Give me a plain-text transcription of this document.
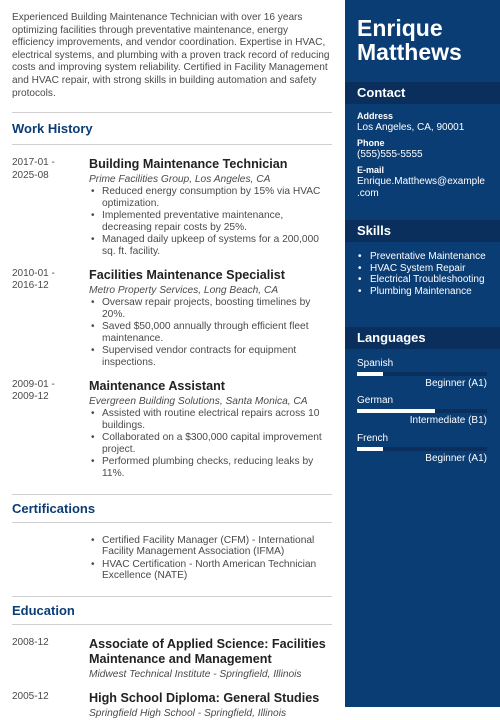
Experienced Building Maintenance Technician with over 16 years optimizing facilities through preventative maintenance, energy efficiency improvements, and vendor coordination. Expertise in HVAC, electrical systems, and plumbing with a proven track record of reducing costs and improving system reliability. Certified in Facility Management and HVAC repair, with strong skills in building automation and safety protocols.

Work History
2017-01 -
2025-08
Building Maintenance Technician
Prime Facilities Group, Los Angeles, CA
• Reduced energy consumption by 15% via HVAC optimization.
• Implemented preventative maintenance, decreasing repair costs by 25%.
• Managed daily upkeep of systems for a 200,000 sq. ft. facility.
2010-01 -
2016-12
Facilities Maintenance Specialist
Metro Property Services, Long Beach, CA
• Oversaw repair projects, boosting timelines by 20%.
• Saved $50,000 annually through efficient fleet maintenance.
• Supervised vendor contracts for equipment inspections.
2009-01 -
2009-12
Maintenance Assistant
Evergreen Building Solutions, Santa Monica, CA
• Assisted with routine electrical repairs across 10 buildings.
• Collaborated on a $300,000 capital improvement project.
• Performed plumbing checks, reducing leaks by 11%.
Certifications
• Certified Facility Manager (CFM) - International Facility Management Association (IFMA)
• HVAC Certification - North American Technician Excellence (NATE)
Education
2008-12	Associate of Applied Science: Facilities Maintenance and Management
Midwest Technical Institute - Springfield, Illinois
2005-12	High School Diploma: General Studies
Springfield High School - Springfield, Illinois
Enrique
Matthews
Contact
Address
Los Angeles, CA, 90001
Phone
(555)555-5555
E-mail
Enrique.Matthews@example
.com
Skills
• Preventative Maintenance
• HVAC System Repair
• Electrical Troubleshooting
• Plumbing Maintenance
Languages
Spanish
Beginner (A1)
German
Intermediate (B1)
French
Beginner (A1)
